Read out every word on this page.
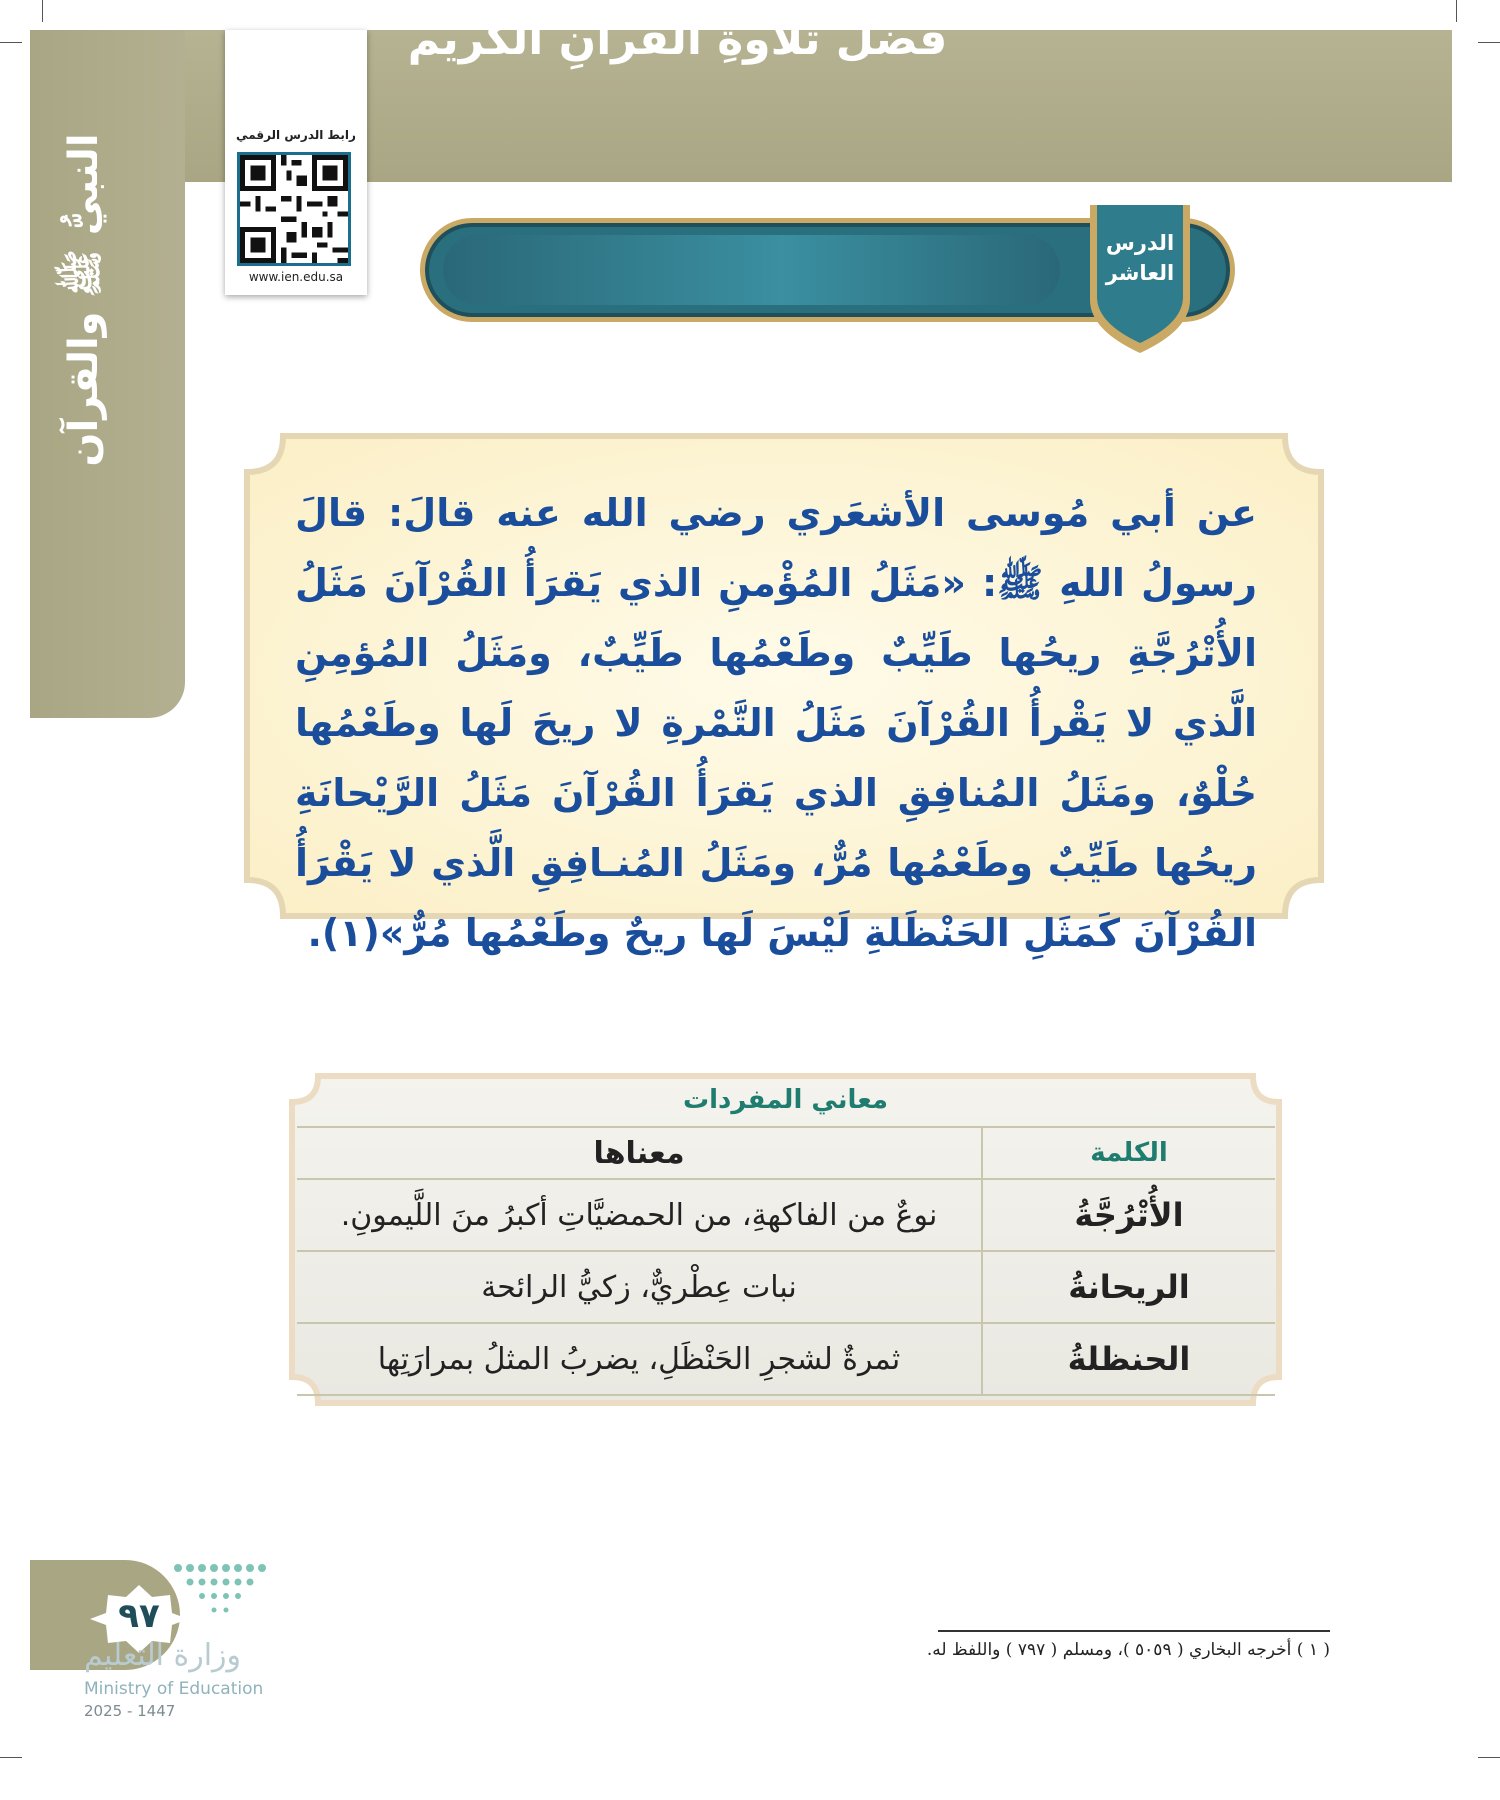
النبيُّ ﷺ والقرآن	رابط الدرس الرقمي
www.ien.edu.sa
فضلُ تلاوةِ القرآنِ الكريم
الدرس
العاشر
عن أبي مُوسى الأشعَري رضي الله عنه قالَ: قالَ رسولُ اللهِ ﷺ: «مَثَلُ المُؤْمنِ الذي يَقرَأُ القُرْآنَ مَثَلُ الأُتْرُجَّةِ ريحُها طَيِّبٌ وطَعْمُها طَيِّبٌ، ومَثَلُ المُؤمِنِ الَّذي لا يَقْرأُ القُرْآنَ مَثَلُ التَّمْرةِ لا ريحَ لَها وطَعْمُها حُلْوٌ، ومَثَلُ المُنافِقِ الذي يَقرَأُ القُرْآنَ مَثَلُ الرَّيْحانَةِ ريحُها طَيِّبٌ وطَعْمُها مُرٌّ، ومَثَلُ المُنـافِقِ الَّذي لا يَقْرَأُ القُرْآنَ كَمَثَلِ الحَنْظَلةِ لَيْسَ لَها ريحٌ وطَعْمُها مُرٌّ»(١).
معاني المفردات
الكلمة	معناها
الأُتْرُجَّةُ	نوعٌ من الفاكهةِ، من الحمضيَّاتِ أكبرُ منَ اللَّيمونِ.
الريحانةُ	نبات عِطْريٌّ، زكيُّ الرائحة
الحنظلةُ	ثمرةٌ لشجرِ الحَنْظَلِ، يضربُ المثلُ بمرارَتِها
٩٧
وزارة التعليم
Ministry of Education
2025 - 1447
( ١ ) أخرجه البخاري ( ٥٠٥٩ )، ومسلم ( ٧٩٧ ) واللفظ له.
